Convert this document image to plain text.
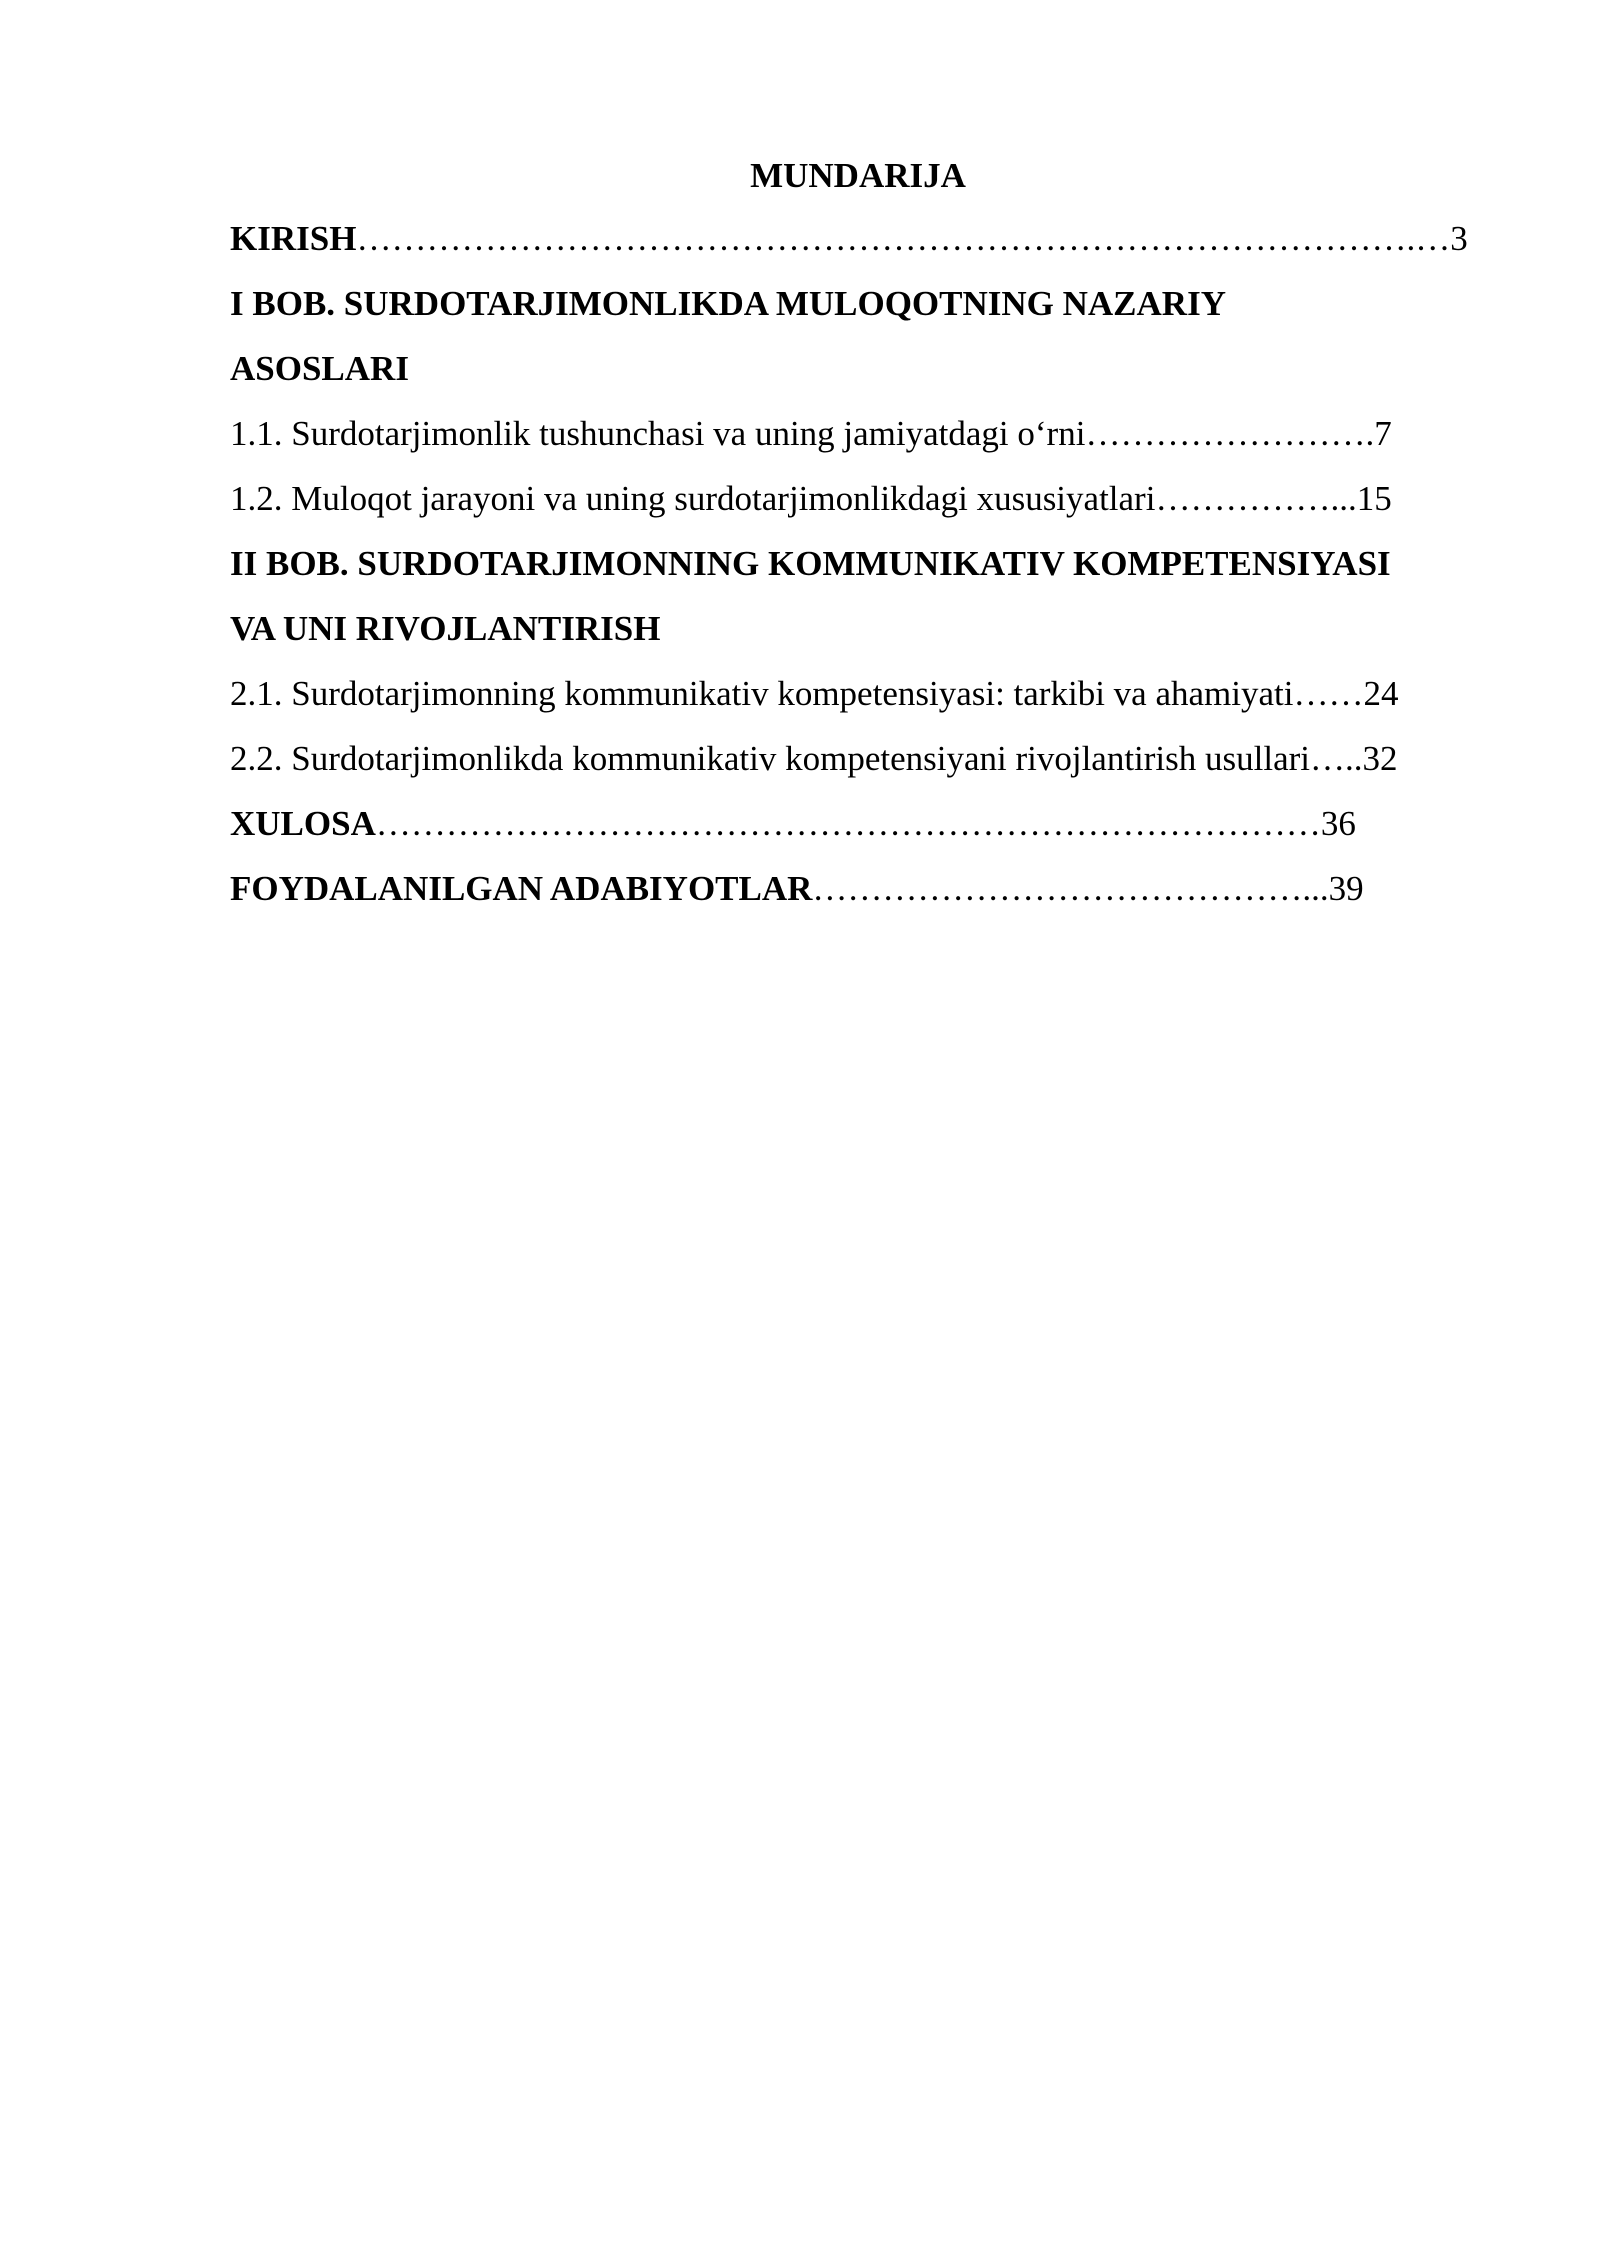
MUNDARIJA
KIRISH……………………………………………………………………………….…3
I BOB. SURDOTARJIMONLIKDA MULOQOTNING NAZARIY
ASOSLARI
1.1. Surdotarjimonlik tushunchasi va uning jamiyatdagi o‘rni…………………….7
1.2. Muloqot jarayoni va uning surdotarjimonlikdagi xususiyatlari……………...15
II BOB. SURDOTARJIMONNING KOMMUNIKATIV KOMPETENSIYASI
VA UNI RIVOJLANTIRISH
2.1. Surdotarjimonning kommunikativ kompetensiyasi: tarkibi va ahamiyati……24
2.2. Surdotarjimonlikda kommunikativ kompetensiyani rivojlantirish usullari…..32
XULOSA………………………………………………………………………36
FOYDALANILGAN ADABIYOTLAR……………………………………...39
